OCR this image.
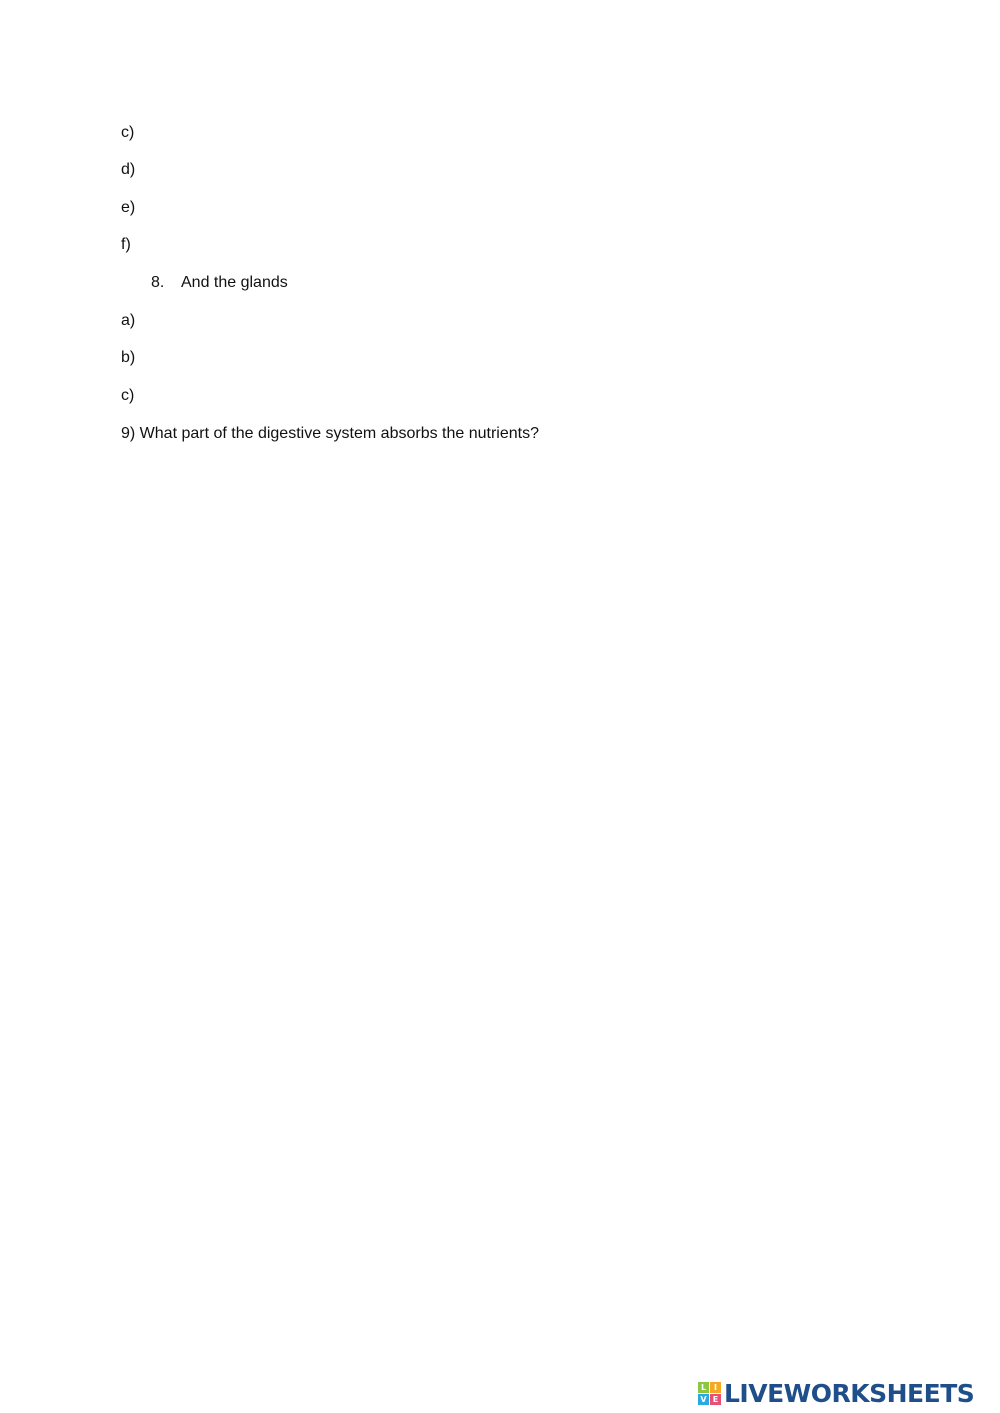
c)
d)
e)
f)
8. And the glands
a)
b)
c)
9) What part of the digestive system absorbs the nutrients?
L I
V E LIVEWORKSHEETS
